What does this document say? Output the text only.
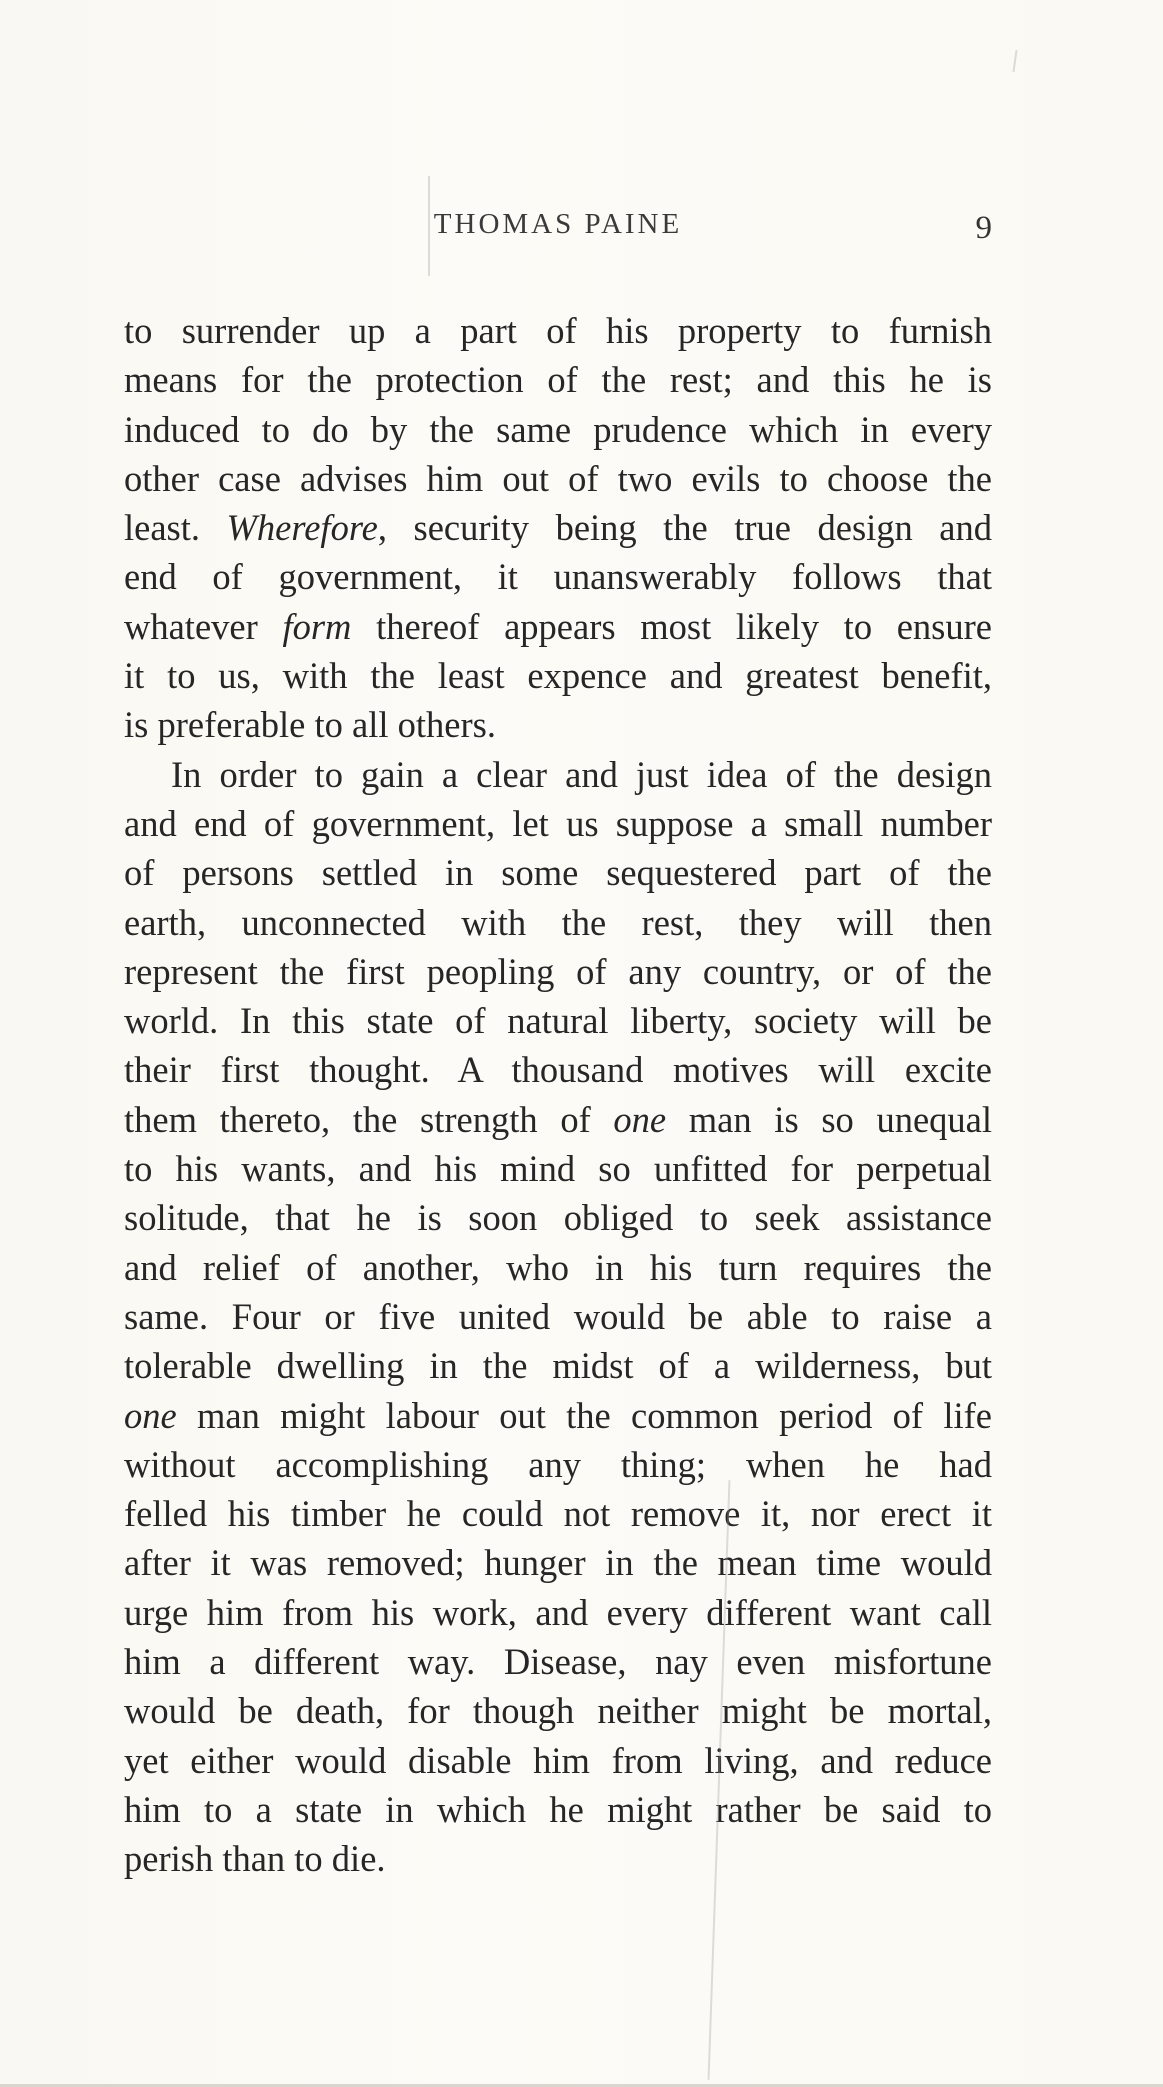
THOMAS PAINE	9
to surrender up a part of his property to furnish
means for the protection of the rest; and this he is
induced to do by the same prudence which in every
other case advises him out of two evils to choose the
least. Wherefore, security being the true design and
end of government, it unanswerably follows that
whatever form thereof appears most likely to ensure
it to us, with the least expence and greatest benefit,
is preferable to all others.
In order to gain a clear and just idea of the design
and end of government, let us suppose a small number
of persons settled in some sequestered part of the
earth, unconnected with the rest, they will then
represent the first peopling of any country, or of the
world. In this state of natural liberty, society will be
their first thought. A thousand motives will excite
them thereto, the strength of one man is so unequal
to his wants, and his mind so unfitted for perpetual
solitude, that he is soon obliged to seek assistance
and relief of another, who in his turn requires the
same. Four or five united would be able to raise a
tolerable dwelling in the midst of a wilderness, but
one man might labour out the common period of life
without accomplishing any thing; when he had
felled his timber he could not remove it, nor erect it
after it was removed; hunger in the mean time would
urge him from his work, and every different want call
him a different way. Disease, nay even misfortune
would be death, for though neither might be mortal,
yet either would disable him from living, and reduce
him to a state in which he might rather be said to
perish than to die.
